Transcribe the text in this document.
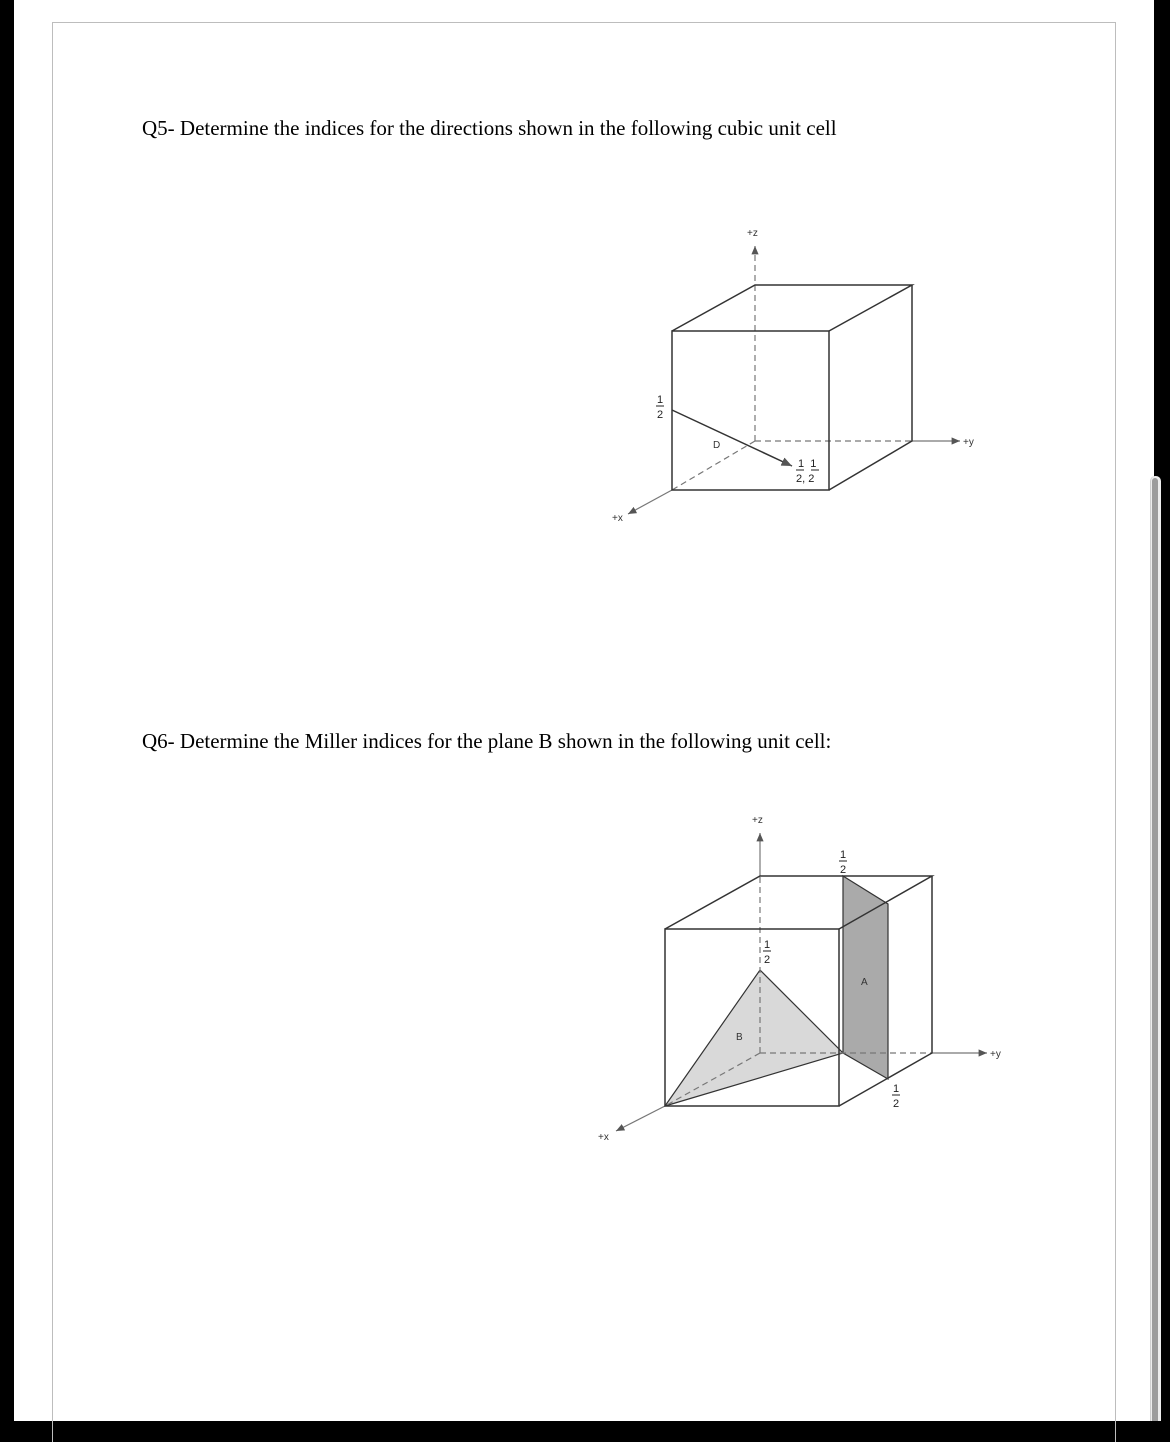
Q5- Determine the indices for the directions shown in the following cubic unit cell
Q6- Determine the Miller indices for the plane B shown in the following unit cell:
+z
+y
+x
D
1
2
1  1
2, 2
A
B
+z
+y
+x
1
2
1
2
1
2
